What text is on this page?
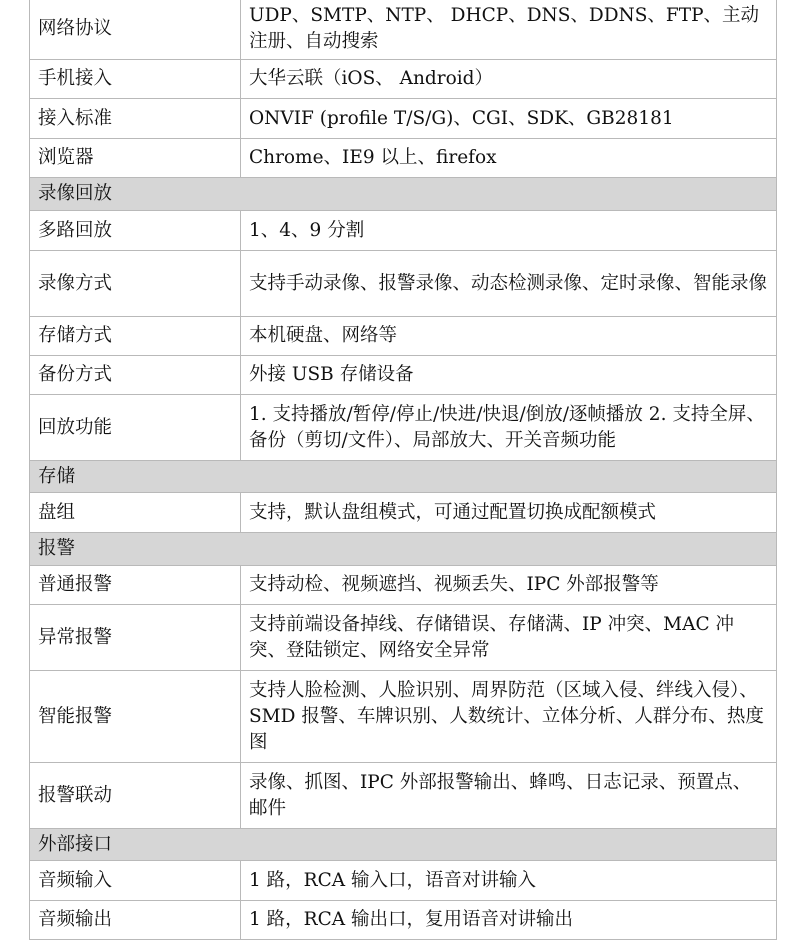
网络协议	UDP、SMTP、NTP、 DHCP、DNS、DDNS、FTP、主动注册、自动搜索
手机接入	大华云联（iOS、 Android）
接入标准	ONVIF (profile T/S/G)、CGI、SDK、GB28181
浏览器	Chrome、IE9 以上、firefox
录像回放	
多路回放	1、4、9 分割
录像方式	支持手动录像、报警录像、动态检测录像、定时录像、智能录像
存储方式	本机硬盘、网络等
备份方式	外接 USB 存储设备
回放功能	1. 支持播放/暂停/停止/快进/快退/倒放/逐帧播放 2. 支持全屏、备份（剪切/文件）、局部放大、开关音频功能
存储	
盘组	支持，默认盘组模式，可通过配置切换成配额模式
报警	
普通报警	支持动检、视频遮挡、视频丢失、IPC 外部报警等
异常报警	支持前端设备掉线、存储错误、存储满、IP 冲突、MAC 冲突、登陆锁定、网络安全异常
智能报警	支持人脸检测、人脸识别、周界防范（区域入侵、绊线入侵）、SMD 报警、车牌识别、人数统计、立体分析、人群分布、热度图
报警联动	录像、抓图、IPC 外部报警输出、蜂鸣、日志记录、预置点、邮件
外部接口	
音频输入	1 路，RCA 输入口，语音对讲输入
音频输出	1 路，RCA 输出口，复用语音对讲输出
